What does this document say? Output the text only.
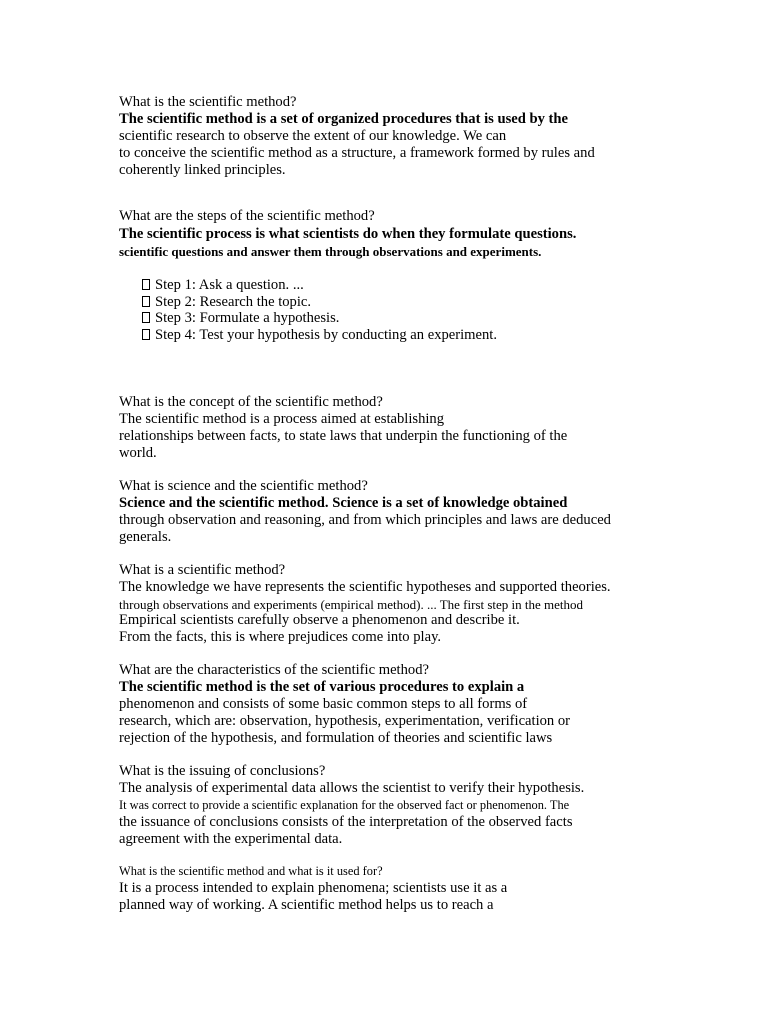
What is the scientific method?
The scientific method is a set of organized procedures that is used by the
scientific research to observe the extent of our knowledge. We can
to conceive the scientific method as a structure, a framework formed by rules and
coherently linked principles.
What are the steps of the scientific method?
The scientific process is what scientists do when they formulate questions.
scientific questions and answer them through observations and experiments.
Step 1: Ask a question. ...
Step 2: Research the topic.
Step 3: Formulate a hypothesis.
Step 4: Test your hypothesis by conducting an experiment.
What is the concept of the scientific method?
The scientific method is a process aimed at establishing
relationships between facts, to state laws that underpin the functioning of the
world.
What is science and the scientific method?
Science and the scientific method. Science is a set of knowledge obtained
through observation and reasoning, and from which principles and laws are deduced
generals.
What is a scientific method?
The knowledge we have represents the scientific hypotheses and supported theories.
through observations and experiments (empirical method). ... The first step in the method
Empirical scientists carefully observe a phenomenon and describe it.
From the facts, this is where prejudices come into play.
What are the characteristics of the scientific method?
The scientific method is the set of various procedures to explain a
phenomenon and consists of some basic common steps to all forms of
research, which are: observation, hypothesis, experimentation, verification or
rejection of the hypothesis, and formulation of theories and scientific laws
What is the issuing of conclusions?
The analysis of experimental data allows the scientist to verify their hypothesis.
It was correct to provide a scientific explanation for the observed fact or phenomenon. The
the issuance of conclusions consists of the interpretation of the observed facts
agreement with the experimental data.
What is the scientific method and what is it used for?
It is a process intended to explain phenomena; scientists use it as a
planned way of working. A scientific method helps us to reach a
